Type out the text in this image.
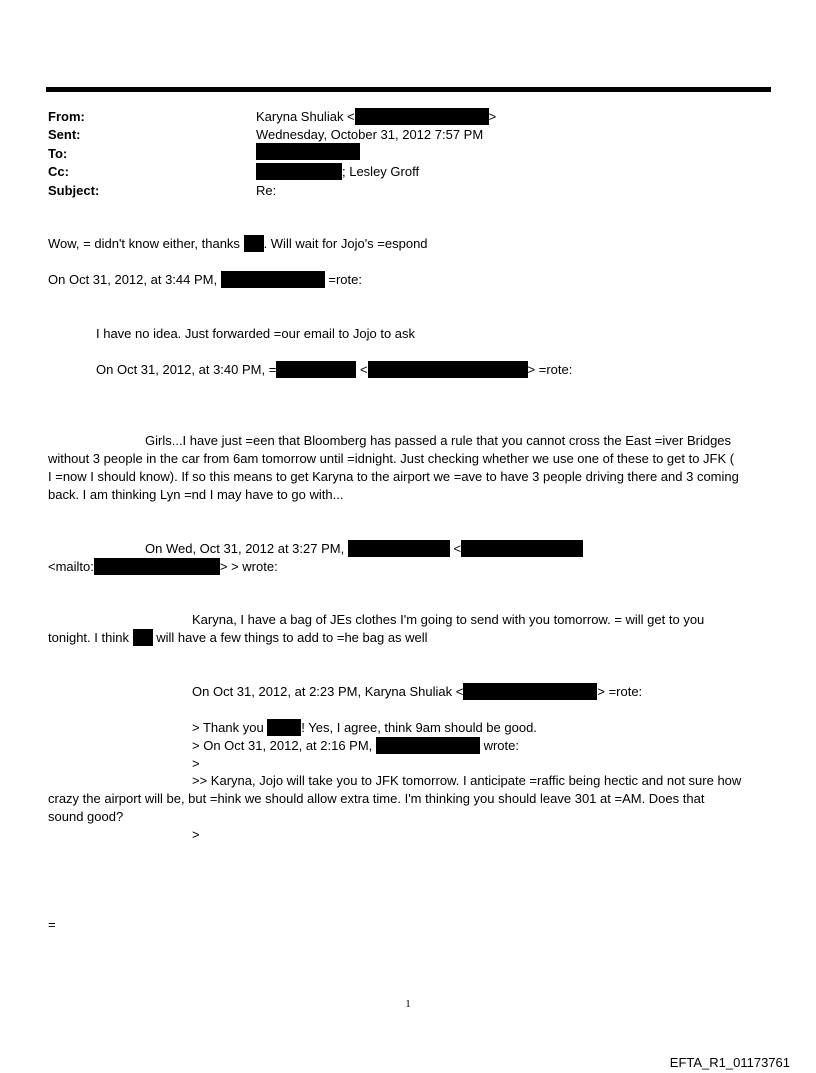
From:	Karyna Shuliak <	>
Sent:	Wednesday, October 31, 2012 7:57 PM
To:
Cc:	; Lesley Groff
Subject:	Re:
Wow, = didn't know either, thanks . Will wait for Jojo's =espond
On Oct 31, 2012, at 3:44 PM,	=rote:
I have no idea. Just forwarded =our email to Jojo to ask
On Oct 31, 2012, at 3:40 PM, =	<	> =rote:
Girls...I have just =een that Bloomberg has passed a rule that you cannot cross the East =iver Bridges
without 3 people in the car from 6am tomorrow until =idnight. Just checking whether we use one of these to get to JFK (
I =now I should know). If so this means to get Karyna to the airport we =ave to have 3 people driving there and 3 coming
back. I am thinking Lyn =nd I may have to go with...
On Wed, Oct 31, 2012 at 3:27 PM,	<
<mailto:	> > wrote:
Karyna, I have a bag of JEs clothes I'm going to send with you tomorrow. = will get to you
tonight. I think will have a few things to add to =he bag as well
On Oct 31, 2012, at 2:23 PM, Karyna Shuliak <	> =rote:
> Thank you	! Yes, I agree, think 9am should be good.
> On Oct 31, 2012, at 2:16 PM,	wrote:
>
>> Karyna, Jojo will take you to JFK tomorrow. I anticipate =raffic being hectic and not sure how
crazy the airport will be, but =hink we should allow extra time. I'm thinking you should leave 301 at =AM. Does that
sound good?
>
=
1
EFTA_R1_01173761
